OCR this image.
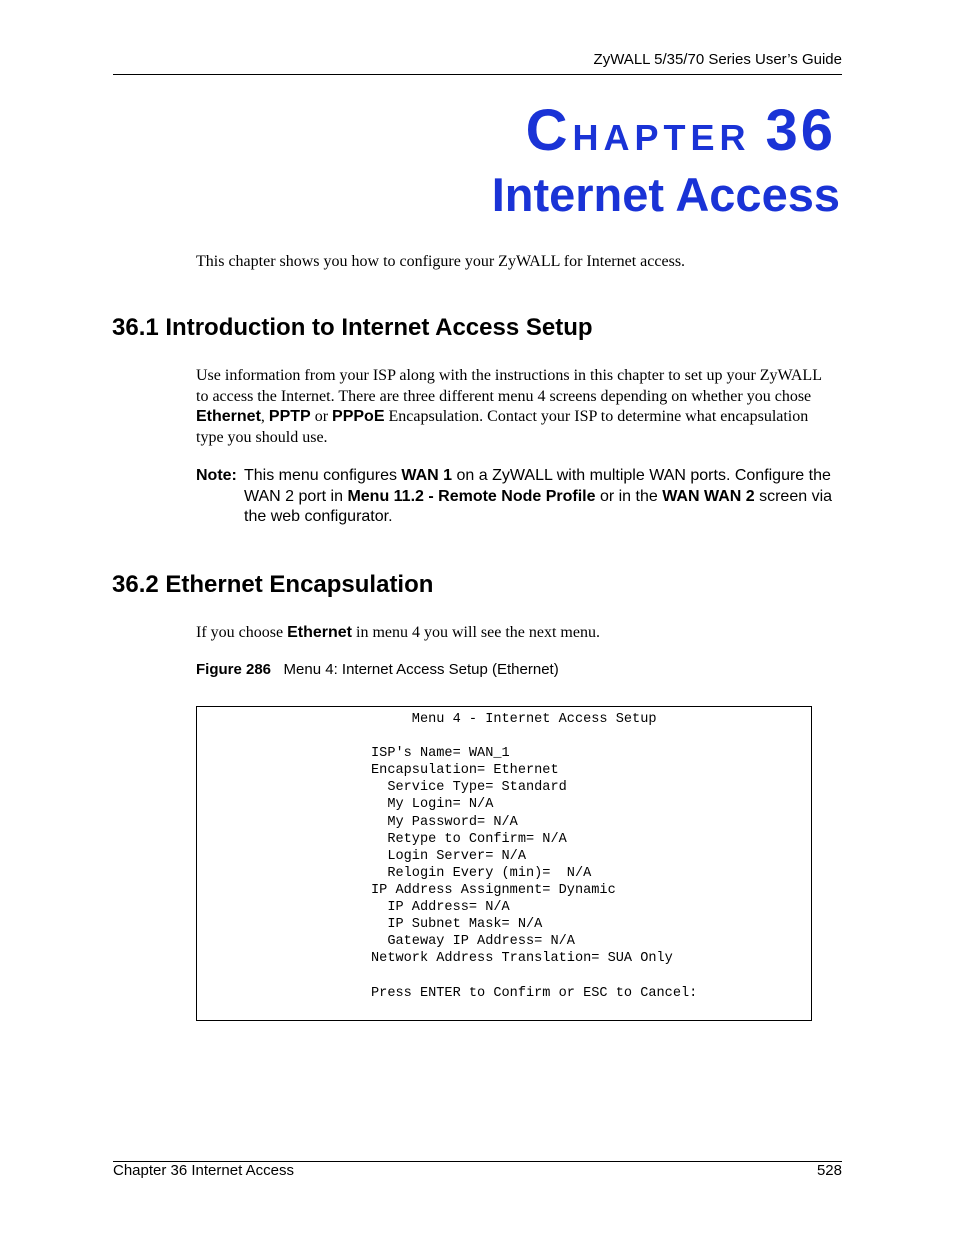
ZyWALL 5/35/70 Series User’s Guide
CHAPTER 36
Internet Access
This chapter shows you how to configure your ZyWALL for Internet access.
36.1 Introduction to Internet Access Setup
Use information from your ISP along with the instructions in this chapter to set up your ZyWALL to access the Internet. There are three different menu 4 screens depending on whether you chose Ethernet, PPTP or PPPoE Encapsulation. Contact your ISP to determine what encapsulation type you should use.
Note: This menu configures WAN 1 on a ZyWALL with multiple WAN ports. Configure the WAN 2 port in Menu 11.2 - Remote Node Profile or in the WAN WAN 2 screen via the web configurator.
36.2 Ethernet Encapsulation
If you choose Ethernet in menu 4 you will see the next menu.
Figure 286 Menu 4: Internet Access Setup (Ethernet)
Menu 4 - Internet Access Setup

ISP's Name= WAN_1
Encapsulation= Ethernet
Service Type= Standard
My Login= N/A
My Password= N/A
Retype to Confirm= N/A
Login Server= N/A
Relogin Every (min)=  N/A
IP Address Assignment= Dynamic
IP Address= N/A
IP Subnet Mask= N/A
Gateway IP Address= N/A
Network Address Translation= SUA Only

Press ENTER to Confirm or ESC to Cancel:
Chapter 36 Internet Access	528
